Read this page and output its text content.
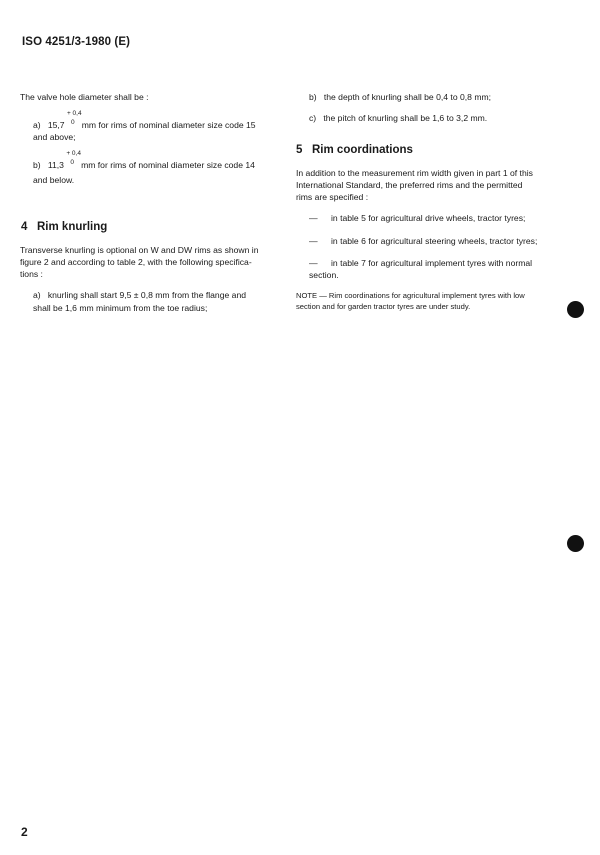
ISO 4251/3-1980 (E)
The valve hole diameter shall be :
a) 15,7
+ 0,4
0 mm for rims of nominal diameter size code 15
and above;
b) 11,3
+ 0,4
0 mm for rims of nominal diameter size code 14
and below.
4 Rim knurling
Transverse knurling is optional on W and DW rims as shown in
figure 2 and according to table 2, with the following specifica-
tions :
a) knurling shall start 9,5 ± 0,8 mm from the flange and
shall be 1,6 mm minimum from the toe radius;
b) the depth of knurling shall be 0,4 to 0,8 mm;
c) the pitch of knurling shall be 1,6 to 3,2 mm.
5 Rim coordinations
In addition to the measurement rim width given in part 1 of this
International Standard, the preferred rims and the permitted
rims are specified :
— in table 5 for agricultural drive wheels, tractor tyres;
— in table 6 for agricultural steering wheels, tractor tyres;
— in table 7 for agricultural implement tyres with normal
section.
NOTE — Rim coordinations for agricultural implement tyres with low
section and for garden tractor tyres are under study.
2
